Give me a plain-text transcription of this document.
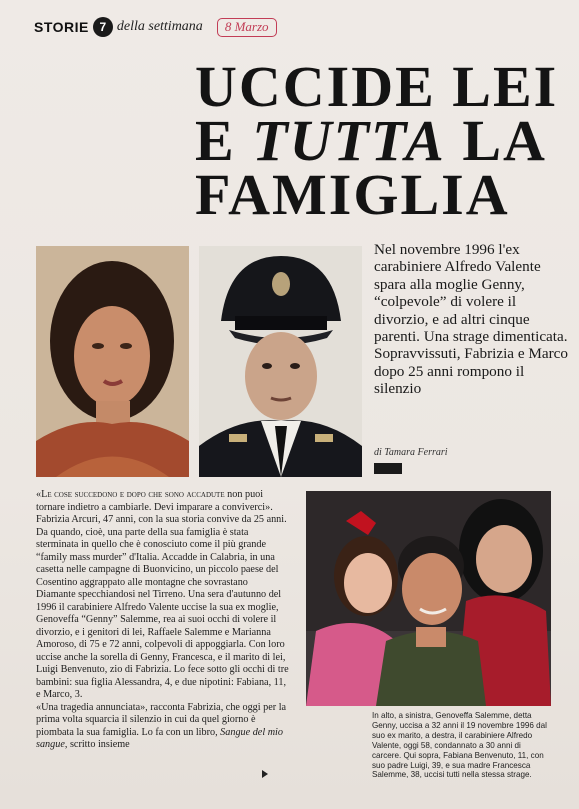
STORIE 7 della settimana	8 Marzo
UCCIDE LEI
E TUTTA LA
FAMIGLIA

Nel novembre 1996 l'ex carabiniere Alfredo Valente spara alla moglie Genny, “colpevole” di volere il divorzio, e ad altri cinque parenti. Una strage dimenticata. Sopravvissuti, Fabrizia e Marco dopo 25 anni rompono il silenzio

di Tamara Ferrari

«Le cose succedono e dopo che sono accadute non puoi tornare indietro a cambiarle. Devi imparare a conviverci». Fabrizia Arcuri, 47 anni, con la sua storia convive da 25 anni. Da quando, cioè, una parte della sua famiglia è stata sterminata in quello che è conosciuto come il più grande “family mass murder” d'Italia. Accadde in Calabria, in una casetta nelle campagne di Buonvicino, un piccolo paese del Cosentino aggrappato alle montagne che sovrastano Diamante specchiandosi nel Tirreno. Una sera d'autunno del 1996 il carabiniere Alfredo Valente uccise la sua ex moglie, Genoveffa “Genny” Salemme, rea ai suoi occhi di volere il divorzio, e i genitori di lei, Raffaele Salemme e Marianna Amoroso, di 75 e 72 anni, colpevoli di appoggiarla. Con loro uccise anche la sorella di Genny, Francesca, e il marito di lei, Luigi Benvenuto, zio di Fabrizia. Lo fece sotto gli occhi di tre bambini: sua figlia Alessandra, 4, e due nipotini: Fabiana, 11, e Marco, 3.

«Una tragedia annunciata», racconta Fabrizia, che oggi per la prima volta squarcia il silenzio in cui da quel giorno è piombata la sua famiglia. Lo fa con un libro, Sangue del mio sangue, scritto insieme

In alto, a sinistra, Genoveffa Salemme, detta Genny, uccisa a 32 anni il 19 novembre 1996 dal suo ex marito, a destra, il carabiniere Alfredo Valente, oggi 58, condannato a 30 anni di carcere. Qui sopra, Fabiana Benvenuto, 11, con suo padre Luigi, 39, e sua madre Francesca Salemme, 38, uccisi tutti nella stessa strage.
